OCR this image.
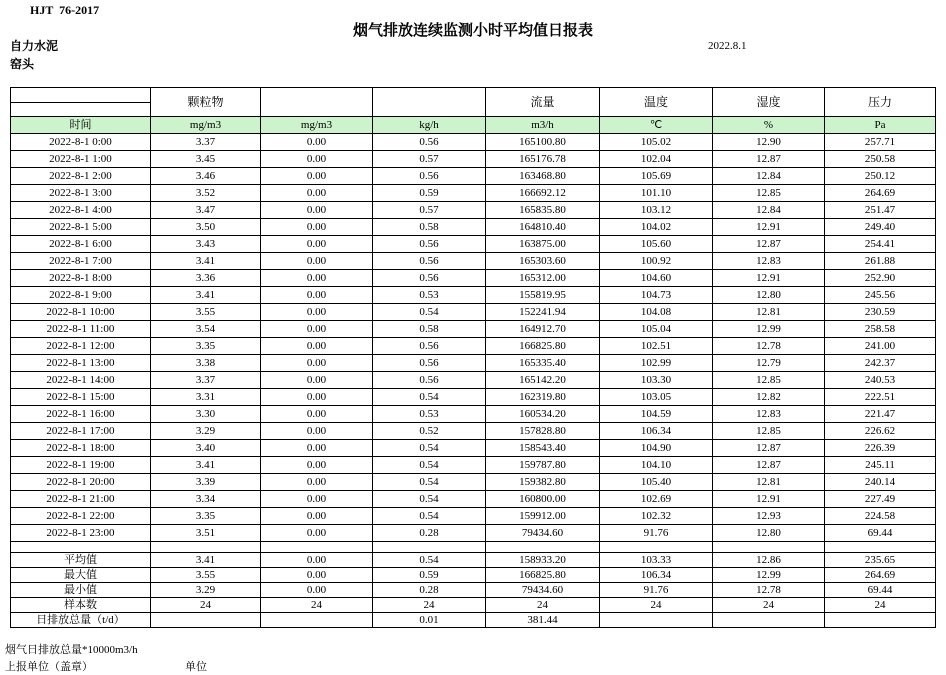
HJT  76-2017
烟气排放连续监测小时平均值日报表
2022.8.1
自力水泥
窑头
	颗粒物			流量	温度	湿度	压力

时间	mg/m3	mg/m3	kg/h	m3/h	℃	%	Pa
2022-8-1 0:00	3.37	0.00	0.56	165100.80	105.02	12.90	257.71
2022-8-1 1:00	3.45	0.00	0.57	165176.78	102.04	12.87	250.58
2022-8-1 2:00	3.46	0.00	0.56	163468.80	105.69	12.84	250.12
2022-8-1 3:00	3.52	0.00	0.59	166692.12	101.10	12.85	264.69
2022-8-1 4:00	3.47	0.00	0.57	165835.80	103.12	12.84	251.47
2022-8-1 5:00	3.50	0.00	0.58	164810.40	104.02	12.91	249.40
2022-8-1 6:00	3.43	0.00	0.56	163875.00	105.60	12.87	254.41
2022-8-1 7:00	3.41	0.00	0.56	165303.60	100.92	12.83	261.88
2022-8-1 8:00	3.36	0.00	0.56	165312.00	104.60	12.91	252.90
2022-8-1 9:00	3.41	0.00	0.53	155819.95	104.73	12.80	245.56
2022-8-1 10:00	3.55	0.00	0.54	152241.94	104.08	12.81	230.59
2022-8-1 11:00	3.54	0.00	0.58	164912.70	105.04	12.99	258.58
2022-8-1 12:00	3.35	0.00	0.56	166825.80	102.51	12.78	241.00
2022-8-1 13:00	3.38	0.00	0.56	165335.40	102.99	12.79	242.37
2022-8-1 14:00	3.37	0.00	0.56	165142.20	103.30	12.85	240.53
2022-8-1 15:00	3.31	0.00	0.54	162319.80	103.05	12.82	222.51
2022-8-1 16:00	3.30	0.00	0.53	160534.20	104.59	12.83	221.47
2022-8-1 17:00	3.29	0.00	0.52	157828.80	106.34	12.85	226.62
2022-8-1 18:00	3.40	0.00	0.54	158543.40	104.90	12.87	226.39
2022-8-1 19:00	3.41	0.00	0.54	159787.80	104.10	12.87	245.11
2022-8-1 20:00	3.39	0.00	0.54	159382.80	105.40	12.81	240.14
2022-8-1 21:00	3.34	0.00	0.54	160800.00	102.69	12.91	227.49
2022-8-1 22:00	3.35	0.00	0.54	159912.00	102.32	12.93	224.58
2022-8-1 23:00	3.51	0.00	0.28	79434.60	91.76	12.80	69.44

平均值	3.41	0.00	0.54	158933.20	103.33	12.86	235.65
最大值	3.55	0.00	0.59	166825.80	106.34	12.99	264.69
最小值	3.29	0.00	0.28	79434.60	91.76	12.78	69.44
样本数	24	24	24	24	24	24	24
日排放总量（t/d）			0.01	381.44			
烟气日排放总量*10000m3/h
上报单位（盖章）	单位
